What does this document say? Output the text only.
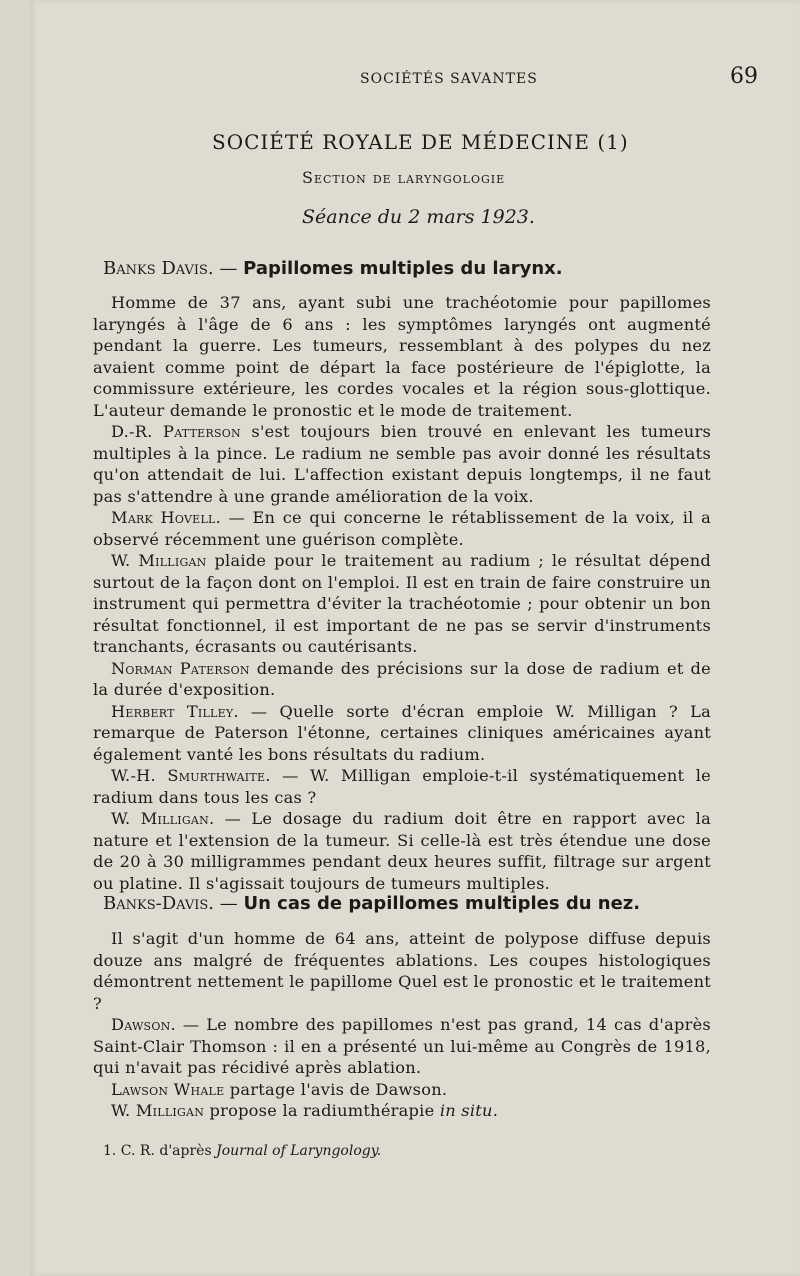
SOCIÉTÉS SAVANTES	69
SOCIÉTÉ ROYALE DE MÉDECINE (1)
Section de laryngologie
Séance du 2 mars 1923.
Banks Davis. — Papillomes multiples du larynx.

Homme de 37 ans, ayant subi une trachéotomie pour papillomes laryngés à l'âge de 6 ans : les symptômes laryngés ont augmenté pendant la guerre. Les tumeurs, ressemblant à des polypes du nez avaient comme point de départ la face postérieure de l'épiglotte, la commissure extérieure, les cordes vocales et la région sous-glottique. L'auteur demande le pronostic et le mode de traitement.

D.-R. Patterson s'est toujours bien trouvé en enlevant les tumeurs multiples à la pince. Le radium ne semble pas avoir donné les résultats qu'on attendait de lui. L'affection existant depuis longtemps, il ne faut pas s'attendre à une grande amélioration de la voix.

Mark Hovell. — En ce qui concerne le rétablissement de la voix, il a observé récemment une guérison complète.

W. Milligan plaide pour le traitement au radium ; le résultat dépend surtout de la façon dont on l'emploi. Il est en train de faire construire un instrument qui permettra d'éviter la trachéotomie ; pour obtenir un bon résultat fonctionnel, il est important de ne pas se servir d'instruments tranchants, écrasants ou cautérisants.

Norman Paterson demande des précisions sur la dose de radium et de la durée d'exposition.

Herbert Tilley. — Quelle sorte d'écran emploie W. Milligan ? La remarque de Paterson l'étonne, certaines cliniques américaines ayant également vanté les bons résultats du radium.

W.-H. Smurthwaite. — W. Milligan emploie-t-il systématiquement le radium dans tous les cas ?

W. Milligan. — Le dosage du radium doit être en rapport avec la nature et l'extension de la tumeur. Si celle-là est très étendue une dose de 20 à 30 milligrammes pendant deux heures suffit, filtrage sur argent ou platine. Il s'agissait toujours de tumeurs multiples.

Banks-Davis. — Un cas de papillomes multiples du nez.

Il s'agit d'un homme de 64 ans, atteint de polypose diffuse depuis douze ans malgré de fréquentes ablations. Les coupes histologiques démontrent nettement le papillome Quel est le pronostic et le traitement ?

Dawson. — Le nombre des papillomes n'est pas grand, 14 cas d'après Saint-Clair Thomson : il en a présenté un lui-même au Congrès de 1918, qui n'avait pas récidivé après ablation.

Lawson Whale partage l'avis de Dawson.

W. Milligan propose la radiumthérapie in situ.

1. C. R. d'après Journal of Laryngology.
